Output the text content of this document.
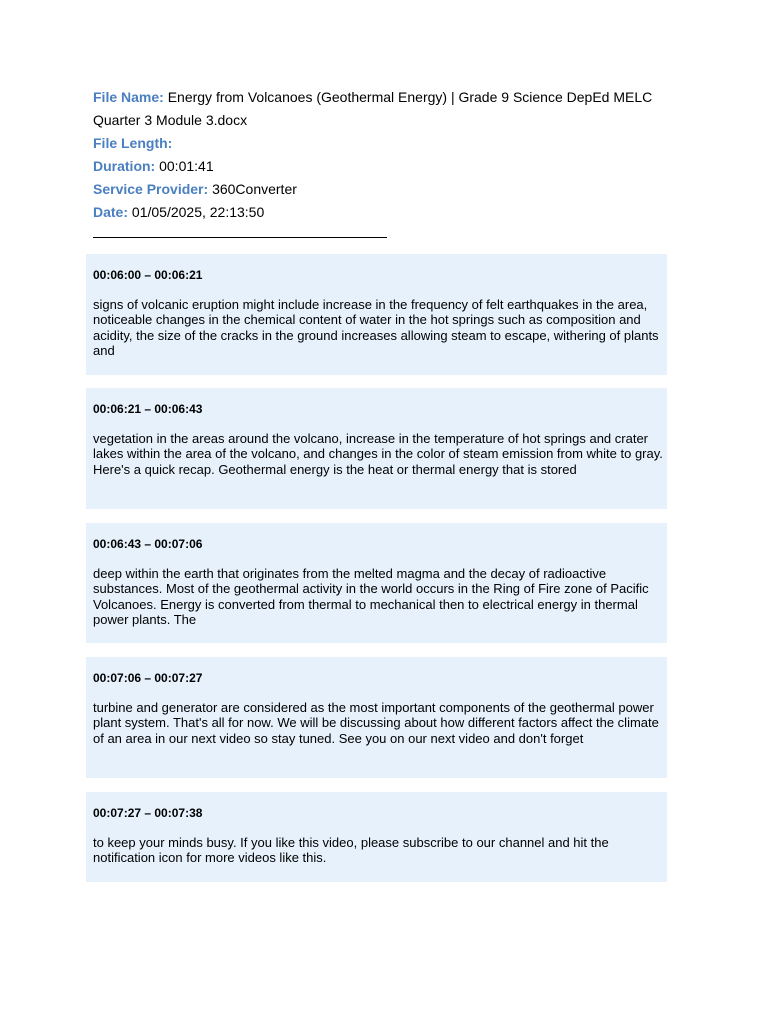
File Name: Energy from Volcanoes (Geothermal Energy) | Grade 9 Science DepEd MELC Quarter 3 Module 3.docx

File Length:

Duration: 00:01:41

Service Provider: 360Converter

Date: 01/05/2025, 22:13:50

00:06:00 – 00:06:21
signs of volcanic eruption might include increase in the frequency of felt earthquakes in the area, noticeable changes in the chemical content of water in the hot springs such as composition and acidity, the size of the cracks in the ground increases allowing steam to escape, withering of plants and
00:06:21 – 00:06:43
vegetation in the areas around the volcano, increase in the temperature of hot springs and crater lakes within the area of the volcano, and changes in the color of steam emission from white to gray. Here's a quick recap. Geothermal energy is the heat or thermal energy that is stored
00:06:43 – 00:07:06
deep within the earth that originates from the melted magma and the decay of radioactive substances. Most of the geothermal activity in the world occurs in the Ring of Fire zone of Pacific Volcanoes. Energy is converted from thermal to mechanical then to electrical energy in thermal power plants. The
00:07:06 – 00:07:27
turbine and generator are considered as the most important components of the geothermal power plant system. That's all for now. We will be discussing about how different factors affect the climate of an area in our next video so stay tuned. See you on our next video and don't forget
00:07:27 – 00:07:38
to keep your minds busy. If you like this video, please subscribe to our channel and hit the notification icon for more videos like this.
